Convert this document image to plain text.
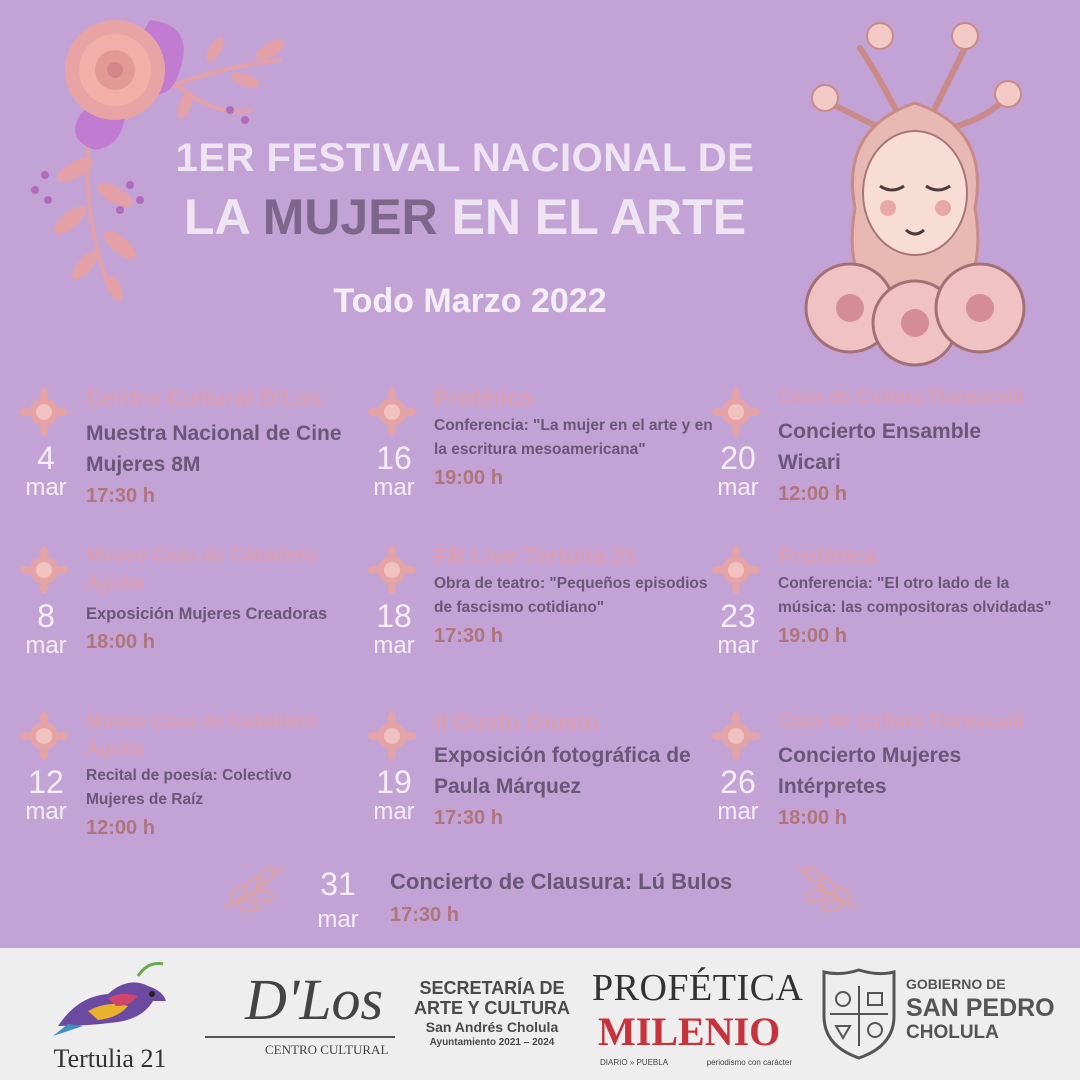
1ER FESTIVAL NACIONAL DE
LA MUJER EN EL ARTE
Todo Marzo 2022
4
mar
Centro Cultural D'Los
Muestra Nacional de Cine Mujeres 8M
17:30 h
16
mar
Profética
Conferencia: "La mujer en el arte y en la escritura mesoamericana"
19:00 h
20
mar
Casa de Cultura Tlanezcalli
Concierto Ensamble Wicari
12:00 h
8
mar
Museo Casa de Caballero Águila
Exposición Mujeres Creadoras
18:00 h
18
mar
FB Live Tertulia 21
Obra de teatro: "Pequeños episodios de fascismo cotidiano"
17:30 h
23
mar
Profética
Conferencia: "El otro lado de la música: las compositoras olvidadas"
19:00 h
12
mar
Museo Casa de Caballero Águila
Recital de poesía: Colectivo Mujeres de Raíz
12:00 h
19
mar
il Gusto Giusto
Exposición fotográfica de Paula Márquez
17:30 h
26
mar
Casa de Cultura Tlanezcalli
Concierto Mujeres Intérpretes
18:00 h
31
mar
Concierto de Clausura: Lú Bulos
17:30 h
Tertulia 21
D'Los
CENTRO CULTURAL
SECRETARÍA DE
ARTE Y CULTURA
San Andrés Cholula
Ayuntamiento 2021 – 2024
PROFÉTICA
MILENIO
DIARIO » PUEBLA	periodismo con carácter
GOBIERNO DE
SAN PEDRO
CHOLULA
